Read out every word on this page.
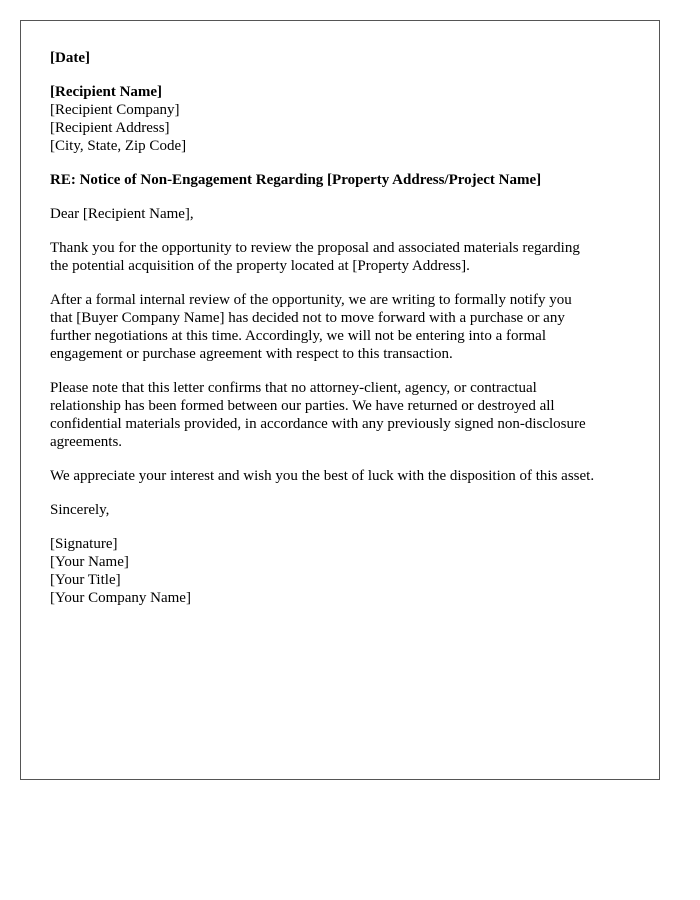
[Date]
[Recipient Name]
[Recipient Company]
[Recipient Address]
[City, State, Zip Code]
RE: Notice of Non-Engagement Regarding [Property Address/Project Name]
Dear [Recipient Name],
Thank you for the opportunity to review the proposal and associated materials regarding
the potential acquisition of the property located at [Property Address].
After a formal internal review of the opportunity, we are writing to formally notify you
that [Buyer Company Name] has decided not to move forward with a purchase or any
further negotiations at this time. Accordingly, we will not be entering into a formal
engagement or purchase agreement with respect to this transaction.
Please note that this letter confirms that no attorney-client, agency, or contractual
relationship has been formed between our parties. We have returned or destroyed all
confidential materials provided, in accordance with any previously signed non-disclosure
agreements.
We appreciate your interest and wish you the best of luck with the disposition of this asset.
Sincerely,
[Signature]
[Your Name]
[Your Title]
[Your Company Name]
